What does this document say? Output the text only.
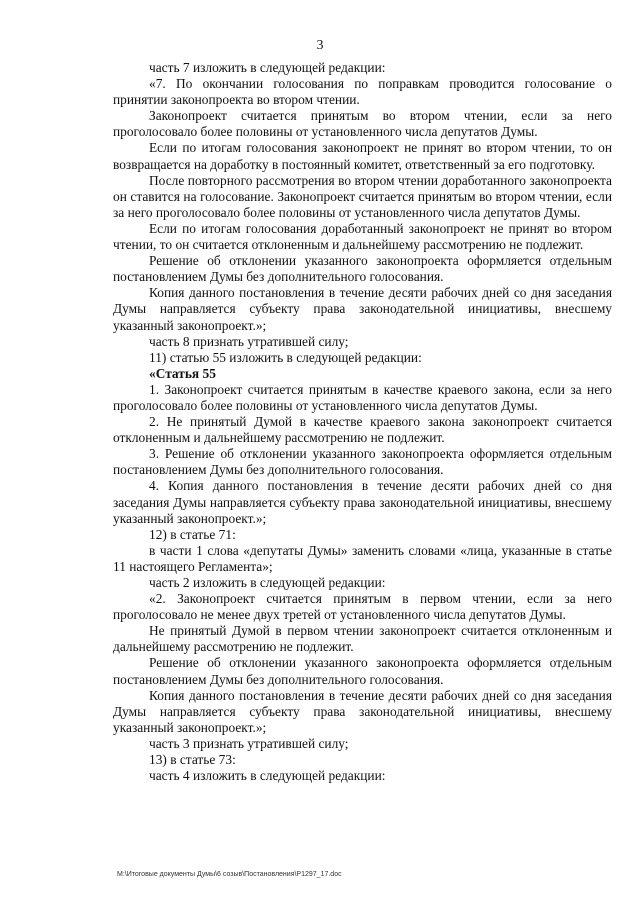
3

часть 7 изложить в следующей редакции:

«7. По окончании голосования по поправкам проводится голосование о принятии законопроекта во втором чтении.

Законопроект считается принятым во втором чтении, если за него проголосовало более половины от установленного числа депутатов Думы.

Если по итогам голосования законопроект не принят во втором чтении, то он возвращается на доработку в постоянный комитет, ответственный за его подготовку.

После повторного рассмотрения во втором чтении доработанного законопроекта он ставится на голосование. Законопроект считается принятым во втором чтении, если за него проголосовало более половины от установленного числа депутатов Думы.

Если по итогам голосования доработанный законопроект не принят во втором чтении, то он считается отклоненным и дальнейшему рассмотрению не подлежит.

Решение об отклонении указанного законопроекта оформляется отдельным постановлением Думы без дополнительного голосования.

Копия данного постановления в течение десяти рабочих дней со дня заседания Думы направляется субъекту права законодательной инициативы, внесшему указанный законопроект.»;

часть 8 признать утратившей силу;

11) статью 55 изложить в следующей редакции:

«Статья 55

1. Законопроект считается принятым в качестве краевого закона, если за него проголосовало более половины от установленного числа депутатов Думы.

2. Не принятый Думой в качестве краевого закона законопроект считается отклоненным и дальнейшему рассмотрению не подлежит.

3. Решение об отклонении указанного законопроекта оформляется отдельным постановлением Думы без дополнительного голосования.

4. Копия данного постановления в течение десяти рабочих дней со дня заседания Думы направляется субъекту права законодательной инициативы, внесшему указанный законопроект.»;

12) в статье 71:

в части 1 слова «депутаты Думы» заменить словами «лица, указанные в статье 11 настоящего Регламента»;

часть 2 изложить в следующей редакции:

«2. Законопроект считается принятым в первом чтении, если за него проголосовало не менее двух третей от установленного числа депутатов Думы.

Не принятый Думой в первом чтении законопроект считается отклоненным и дальнейшему рассмотрению не подлежит.

Решение об отклонении указанного законопроекта оформляется отдельным постановлением Думы без дополнительного голосования.

Копия данного постановления в течение десяти рабочих дней со дня заседания Думы направляется субъекту права законодательной инициативы, внесшему указанный законопроект.»;

часть 3 признать утратившей силу;

13) в статье 73:

часть 4 изложить в следующей редакции:

M:\Итоговые документы Думы\6 созыв\Постановления\P1297_17.doc
